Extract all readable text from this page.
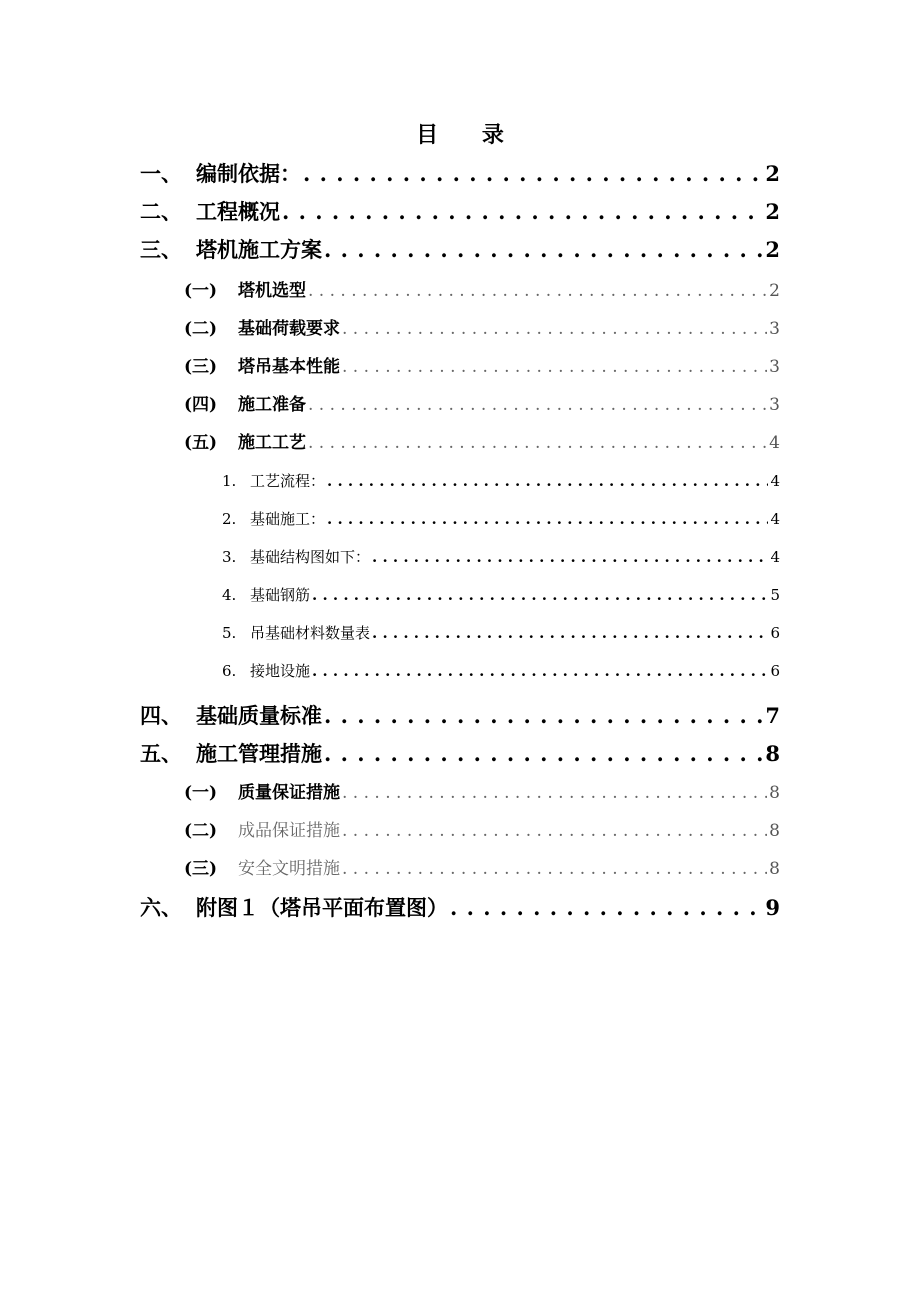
目 录
一、 编制依据： . . .	2
二、 工程概况 . . .	2
三、 塔机施工方案 . . .	2
(一) 塔机选型 . . .	2
(二) 基础荷载要求 . . .	3
(三) 塔吊基本性能 . . .	3
(四) 施工准备 . . .	3
(五) 施工工艺 . . .	4
1. 工艺流程： . . .	4
2. 基础施工： . . .	4
3. 基础结构图如下： . . .	4
4. 基础钢筋 . . .	5
5. 吊基础材料数量表 . . .	6
6. 接地设施 . . .	6
四、 基础质量标准 . . .	7
五、 施工管理措施 . . .	8
(一) 质量保证措施 . . .	8
(二) 成品保证措施 . . .	8
(三) 安全文明措施 . . .	8
六、 附图１（塔吊平面布置图） . . .	9
